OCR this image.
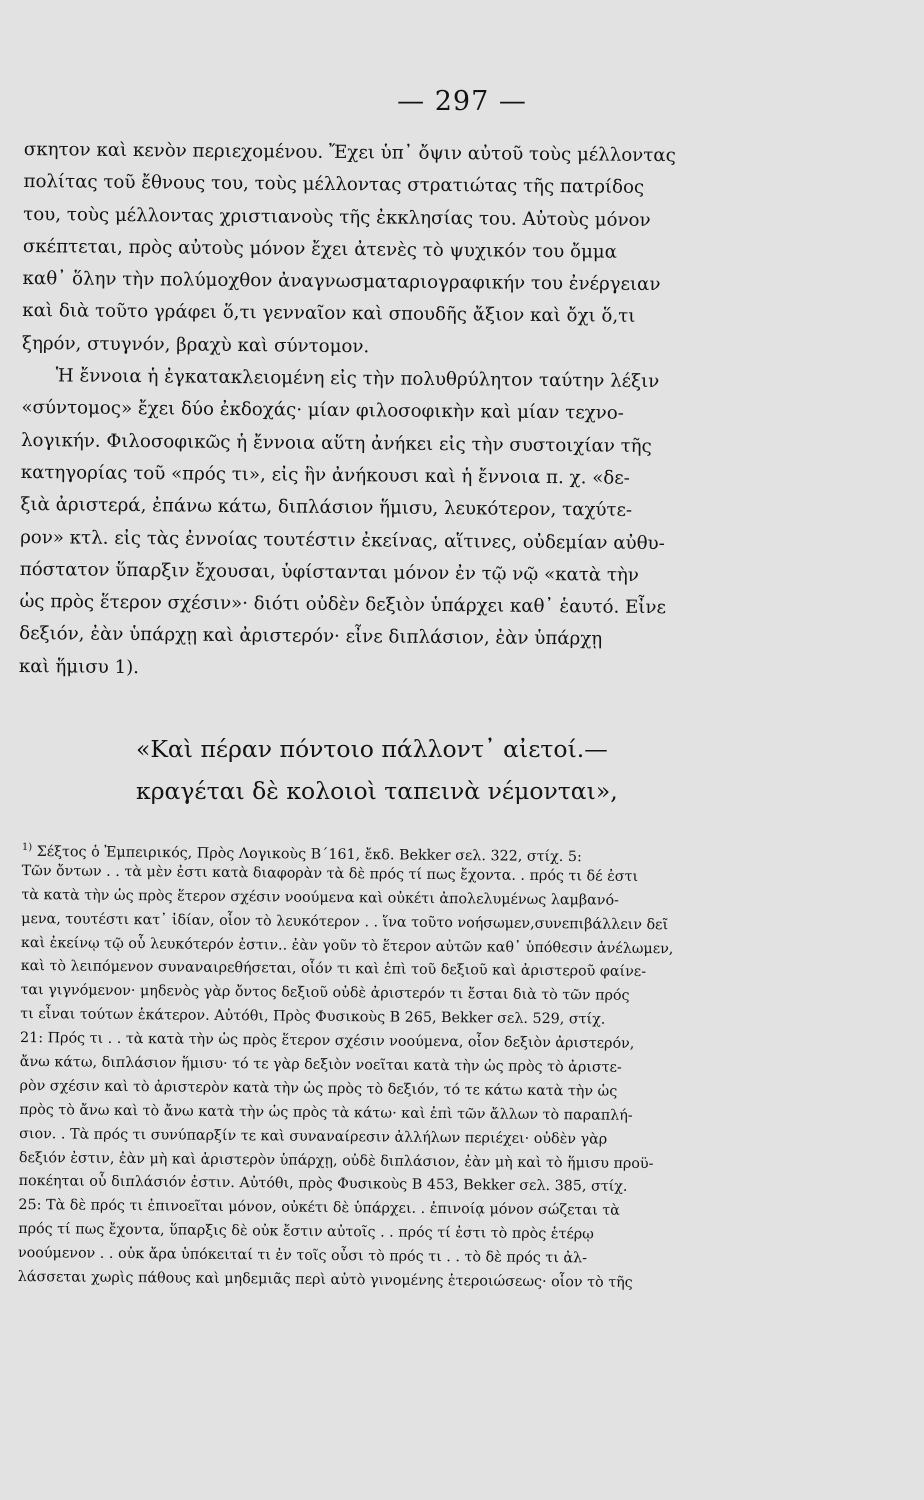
— 297 —
σκητον καὶ κενὸν περιεχομένου. Ἔχει ὑπ᾽ ὄψιν αὐτοῦ τοὺς μέλλοντας
πολίτας τοῦ ἔθνους του, τοὺς μέλλοντας στρατιώτας τῆς πατρίδος
του, τοὺς μέλλοντας χριστιανοὺς τῆς ἐκκλησίας του. Αὐτοὺς μόνον
σκέπτεται, πρὸς αὐτοὺς μόνον ἔχει ἀτενὲς τὸ ψυχικόν του ὄμμα
καθ᾽ ὅλην τὴν πολύμοχθον ἀναγνωσματαριογραφικήν του ἐνέργειαν
καὶ διὰ τοῦτο γράφει ὅ,τι γενναῖον καὶ σπουδῆς ἄξιον καὶ ὄχι ὅ,τι
ξηρόν, στυγνόν, βραχὺ καὶ σύντομον.
Ἡ ἔννοια ἡ ἐγκατακλειομένη εἰς τὴν πολυθρύλητον ταύτην λέξιν
«σύντομος» ἔχει δύο ἐκδοχάς· μίαν φιλοσοφικὴν καὶ μίαν τεχνο-
λογικήν. Φιλοσοφικῶς ἡ ἔννοια αὕτη ἀνήκει εἰς τὴν συστοιχίαν τῆς
κατηγορίας τοῦ «πρός τι», εἰς ἣν ἀνήκουσι καὶ ἡ ἔννοια π. χ. «δε-
ξιὰ ἀριστερά, ἐπάνω κάτω, διπλάσιον ἥμισυ, λευκότερον, ταχύτε-
ρον» κτλ. εἰς τὰς ἐννοίας τουτέστιν ἐκείνας, αἵτινες, οὐδεμίαν αὐθυ-
πόστατον ὕπαρξιν ἔχουσαι, ὑφίστανται μόνον ἐν τῷ νῷ «κατὰ τὴν
ὡς πρὸς ἕτερον σχέσιν»· διότι οὐδὲν δεξιὸν ὑπάρχει καθ᾽ ἑαυτό. Εἶνε
δεξιόν, ἐὰν ὑπάρχῃ καὶ ἀριστερόν· εἶνε διπλάσιον, ἐὰν ὑπάρχῃ
καὶ ἥμισυ 1).
«Καὶ πέραν πόντοιο πάλλοντ᾽ αἰετοί.—
κραγέται δὲ κολοιοὶ ταπεινὰ νέμονται»,
$^{1)}$ Σέξτος ὁ Ἐμπειρικός, Πρὸς Λογικοὺς Β΄161, ἔκδ. Bekker σελ. 322, στίχ. 5:
Τῶν ὄντων . . τὰ μὲν ἐστι κατὰ διαφορὰν τὰ δὲ πρός τί πως ἔχοντα. . πρός τι δέ ἐστι
τὰ κατὰ τὴν ὡς πρὸς ἕτερον σχέσιν νοούμενα καὶ οὐκέτι ἀπολελυμένως λαμβανό-
μενα, τουτέστι κατ᾽ ἰδίαν, οἷον τὸ λευκότερον . . ἵνα τοῦτο νοήσωμεν,συνεπιβάλλειν δεῖ
καὶ ἐκείνῳ τῷ οὗ λευκότερόν ἐστιν.. ἐὰν γοῦν τὸ ἕτερον αὐτῶν καθ᾽ ὑπόθεσιν ἀνέλωμεν,
καὶ τὸ λειπόμενον συναναιρεθήσεται, οἷόν τι καὶ ἐπὶ τοῦ δεξιοῦ καὶ ἀριστεροῦ φαίνε-
ται γιγνόμενον· μηδενὸς γὰρ ὄντος δεξιοῦ οὐδὲ ἀριστερόν τι ἔσται διὰ τὸ τῶν πρός
τι εἶναι τούτων ἑκάτερον. Αὐτόθι, Πρὸς Φυσικοὺς Β 265, Bekker σελ. 529, στίχ.
21: Πρός τι . . τὰ κατὰ τὴν ὡς πρὸς ἕτερον σχέσιν νοούμενα, οἷον δεξιὸν ἀριστερόν,
ἄνω κάτω, διπλάσιον ἥμισυ· τό τε γὰρ δεξιὸν νοεῖται κατὰ τὴν ὡς πρὸς τὸ ἀριστε-
ρὸν σχέσιν καὶ τὸ ἀριστερὸν κατὰ τὴν ὡς πρὸς τὸ δεξιόν, τό τε κάτω κατὰ τὴν ὡς
πρὸς τὸ ἄνω καὶ τὸ ἄνω κατὰ τὴν ὡς πρὸς τὰ κάτω· καὶ ἐπὶ τῶν ἄλλων τὸ παραπλή-
σιον. . Τὰ πρός τι συνύπαρξίν τε καὶ συναναίρεσιν ἀλλήλων περιέχει· οὐδὲν γὰρ
δεξιόν ἐστιν, ἐὰν μὴ καὶ ἀριστερὸν ὑπάρχῃ, οὐδὲ διπλάσιον, ἐὰν μὴ καὶ τὸ ἥμισυ προϋ-
ποκέηται οὗ διπλάσιόν ἐστιν. Αὐτόθι, πρὸς Φυσικοὺς Β 453, Bekker σελ. 385, στίχ.
25: Τὰ δὲ πρός τι ἐπινοεῖται μόνον, οὐκέτι δὲ ὑπάρχει. . ἐπινοίᾳ μόνον σώζεται τὰ
πρός τί πως ἔχοντα, ὕπαρξις δὲ οὐκ ἔστιν αὐτοῖς . . πρός τί ἐστι τὸ πρὸς ἑτέρῳ
νοούμενον . . οὐκ ἄρα ὑπόκειταί τι ἐν τοῖς οὖσι τὸ πρός τι . . τὸ δὲ πρός τι ἀλ-
λάσσεται χωρὶς πάθους καὶ μηδεμιᾶς περὶ αὐτὸ γινομένης ἑτεροιώσεως· οἷον τὸ τῆς
